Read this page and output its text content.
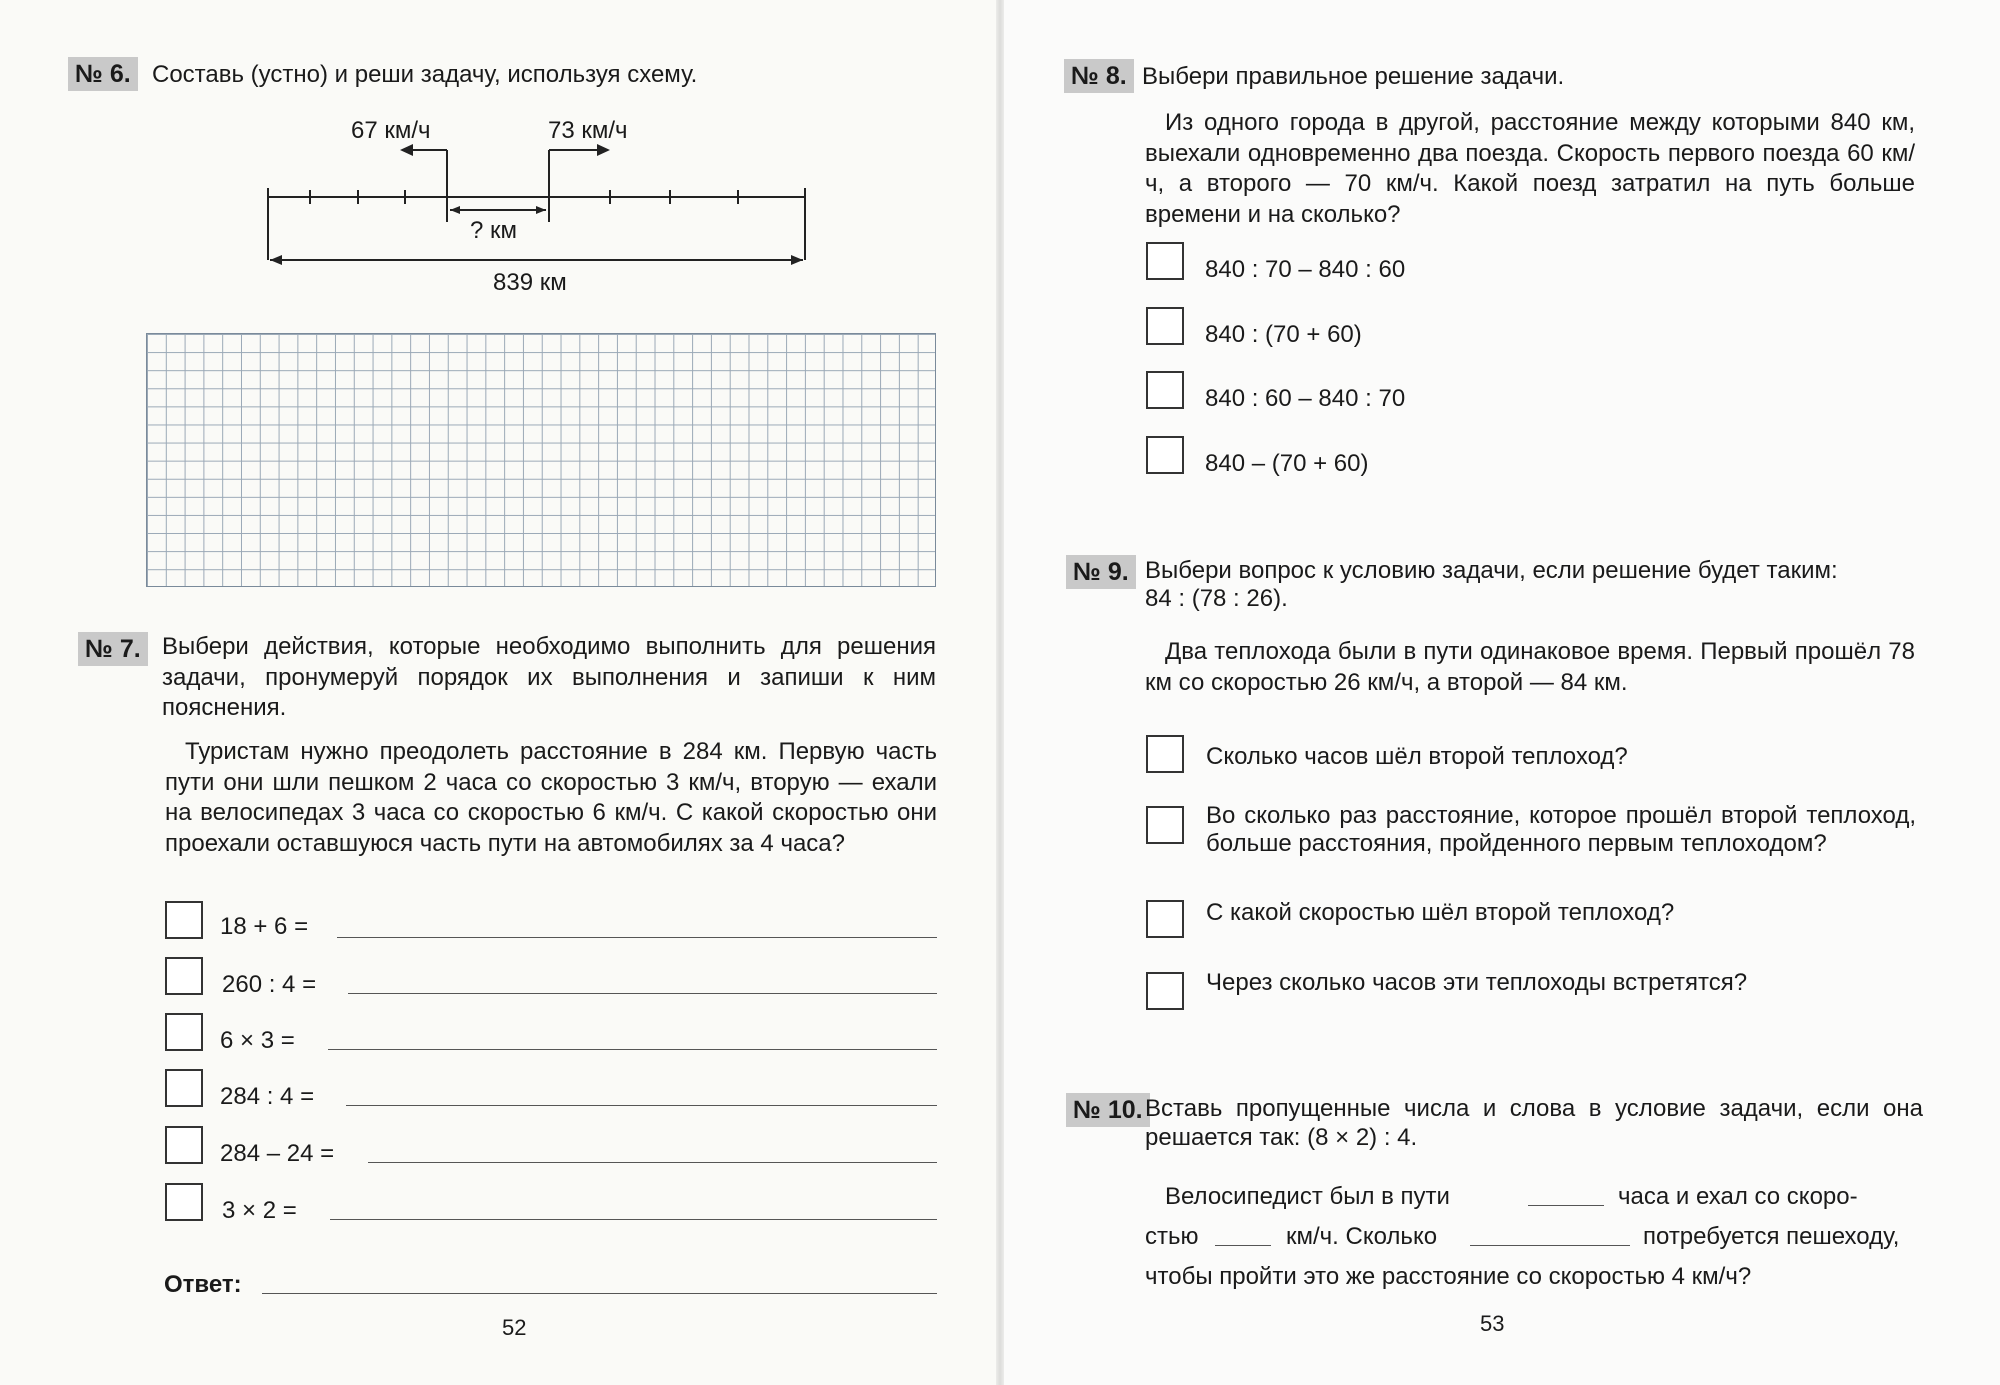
№ 6. Составь (устно) и реши задачу, используя схему.
67 км/ч	73 км/ч
? км
839 км
№ 7. Выбери действия, которые необходимо выполнить для решения задачи, пронумеруй порядок их выполнения и запиши к ним пояснения.
Туристам нужно преодолеть расстояние в 284 км. Первую часть пути они шли пешком 2 часа со скоростью 3 км/ч, вторую — ехали на велосипедах 3 часа со скоростью 6 км/ч. С какой скоростью они проехали оставшуюся часть пути на автомобилях за 4 часа?
18 + 6 =
260 : 4 =
6 × 3 =
284 : 4 =
284 – 24 =
3 × 2 =
Ответ:
52
№ 8. Выбери правильное решение задачи.
Из одного города в другой, расстояние между которыми 840 км, выехали одновременно два поезда. Скорость первого поезда 60 км/ч, а второго — 70 км/ч. Какой поезд затратил на путь больше времени и на сколько?
840 : 70 – 840 : 60
840 : (70 + 60)
840 : 60 – 840 : 70
840 – (70 + 60)
№ 9. Выбери вопрос к условию задачи, если решение будет таким:
84 : (78 : 26).
Два теплохода были в пути одинаковое время. Первый прошёл 78 км со скоростью 26 км/ч, а второй — 84 км.
Сколько часов шёл второй теплоход?
Во сколько раз расстояние, которое прошёл второй теплоход, больше расстояния, пройденного первым теплоходом?
С какой скоростью шёл второй теплоход?
Через сколько часов эти теплоходы встретятся?
№ 10. Вставь пропущенные числа и слова в условие задачи, если она решается так: (8 × 2) : 4.
Велосипедист был в пути	часа и ехал со скоро-
стью	км/ч. Сколько	потребуется пешеходу,
чтобы пройти это же расстояние со скоростью 4 км/ч?
53
